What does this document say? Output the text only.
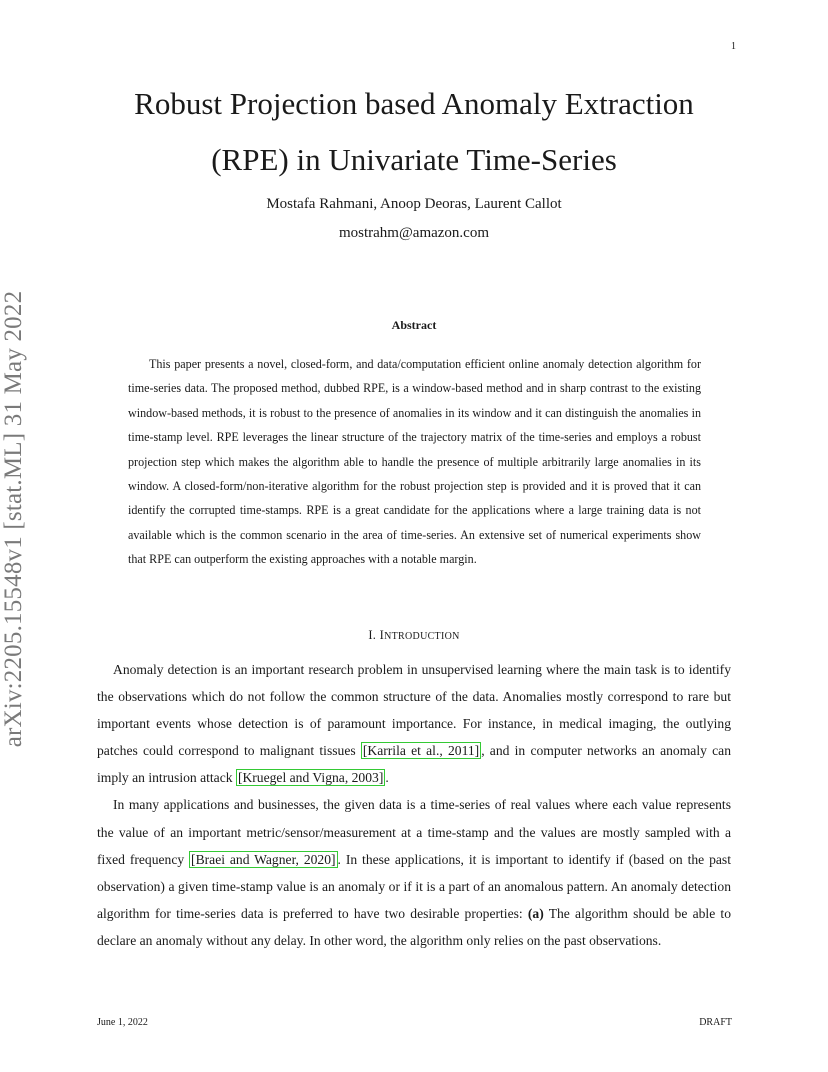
1
arXiv:2205.15548v1 [stat.ML] 31 May 2022
Robust Projection based Anomaly Extraction
(RPE) in Univariate Time-Series
Mostafa Rahmani, Anoop Deoras, Laurent Callot
mostrahm@amazon.com
Abstract

This paper presents a novel, closed-form, and data/computation efficient online anomaly detection algorithm for time-series data. The proposed method, dubbed RPE, is a window-based method and in sharp contrast to the existing window-based methods, it is robust to the presence of anomalies in its window and it can distinguish the anomalies in time-stamp level. RPE leverages the linear structure of the trajectory matrix of the time-series and employs a robust projection step which makes the algorithm able to handle the presence of multiple arbitrarily large anomalies in its window. A closed-form/non-iterative algorithm for the robust projection step is provided and it is proved that it can identify the corrupted time-stamps. RPE is a great candidate for the applications where a large training data is not available which is the common scenario in the area of time-series. An extensive set of numerical experiments show that RPE can outperform the existing approaches with a notable margin.

I. INTRODUCTION

Anomaly detection is an important research problem in unsupervised learning where the main task is to identify the observations which do not follow the common structure of the data. Anomalies mostly correspond to rare but important events whose detection is of paramount importance. For instance, in medical imaging, the outlying patches could correspond to malignant tissues [Karrila et al., 2011] , and in computer networks an anomaly can imply an intrusion attack [Kruegel and Vigna, 2003] .

In many applications and businesses, the given data is a time-series of real values where each value represents the value of an important metric/sensor/measurement at a time-stamp and the values are mostly sampled with a fixed frequency [Braei and Wagner, 2020] . In these applications, it is important to identify if (based on the past observation) a given time-stamp value is an anomaly or if it is a part of an anomalous pattern. An anomaly detection algorithm for time-series data is preferred to have two desirable properties: (a) The algorithm should be able to declare an anomaly without any delay. In other word, the algorithm only relies on the past observations.

June 1, 2022	DRAFT
